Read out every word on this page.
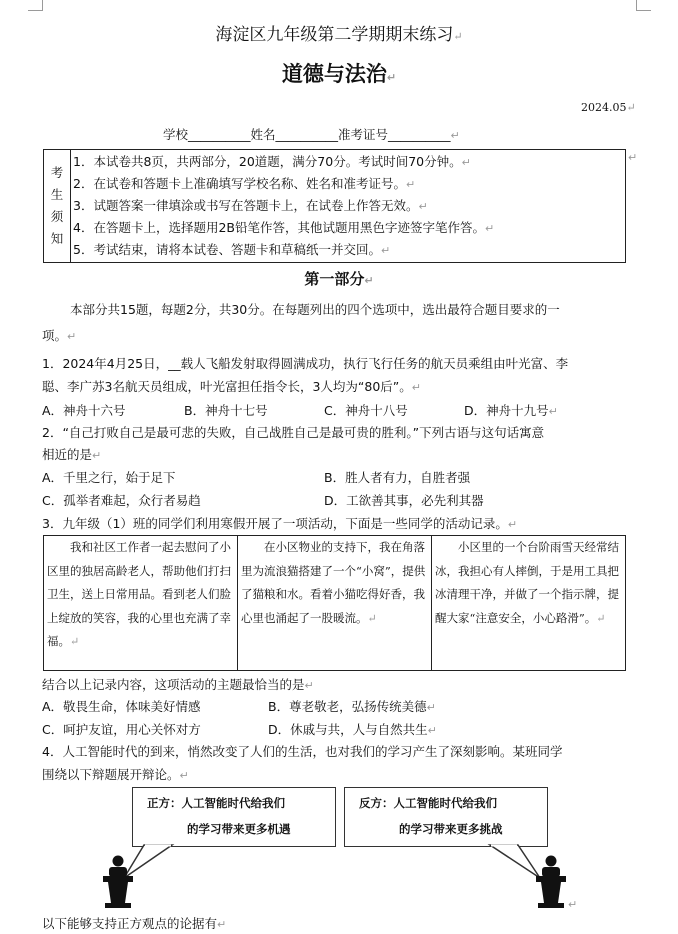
海淀区九年级第二学期期末练习↵
道德与法治↵
2024.05↵
学校__________姓名__________准考证号__________↵
考
生
须
知

1．本试卷共8页，共两部分，20道题，满分70分。考试时间70分钟。↵
2．在试卷和答题卡上准确填写学校名称、姓名和准考证号。↵
3．试题答案一律填涂或书写在答题卡上，在试卷上作答无效。↵
4．在答题卡上，选择题用2B铅笔作答，其他试题用黑色字迹签字笔作答。↵
5．考试结束，请将本试卷、答题卡和草稿纸一并交回。↵
↵
第一部分↵
本部分共15题，每题2分，共30分。在每题列出的四个选项中，选出最符合题目要求的一
项。↵
1．2024年4月25日，__载人飞船发射取得圆满成功，执行飞行任务的航天员乘组由叶光富、李
聪、李广苏3名航天员组成，叶光富担任指令长，3人均为“80后”。↵
A．神舟十六号	B．神舟十七号	C．神舟十八号	D．神舟十九号↵
2．“自己打败自己是最可悲的失败，自己战胜自己是最可贵的胜利。”下列古语与这句话寓意
相近的是↵
A．千里之行，始于足下	B．胜人者有力，自胜者强
C．孤举者难起，众行者易趋	D．工欲善其事，必先利其器
3．九年级（1）班的同学们利用寒假开展了一项活动，下面是一些同学的活动记录。↵
我和社区工作者一起去慰问了小区里的独居高龄老人，帮助他们打扫卫生，送上日常用品。看到老人们脸上绽放的笑容，我的心里也充满了幸福。↵	在小区物业的支持下，我在角落里为流浪猫搭建了一个“小窝”，提供了猫粮和水。看着小猫吃得好香，我心里也涌起了一股暖流。↵	小区里的一个台阶雨雪天经常结冰，我担心有人摔倒，于是用工具把冰清理干净，并做了一个指示牌，提醒大家“注意安全，小心路滑”。↵
结合以上记录内容，这项活动的主题最恰当的是↵
A．敬畏生命，体味美好情感	B．尊老敬老，弘扬传统美德↵
C．呵护友谊，用心关怀对方	D．休戚与共，人与自然共生↵
4．人工智能时代的到来，悄然改变了人们的生活，也对我们的学习产生了深刻影响。某班同学
围绕以下辩题展开辩论。↵
正方：人工智能时代给我们
的学习带来更多机遇
反方：人工智能时代给我们
的学习带来更多挑战
↵
以下能够支持正方观点的论据有↵
